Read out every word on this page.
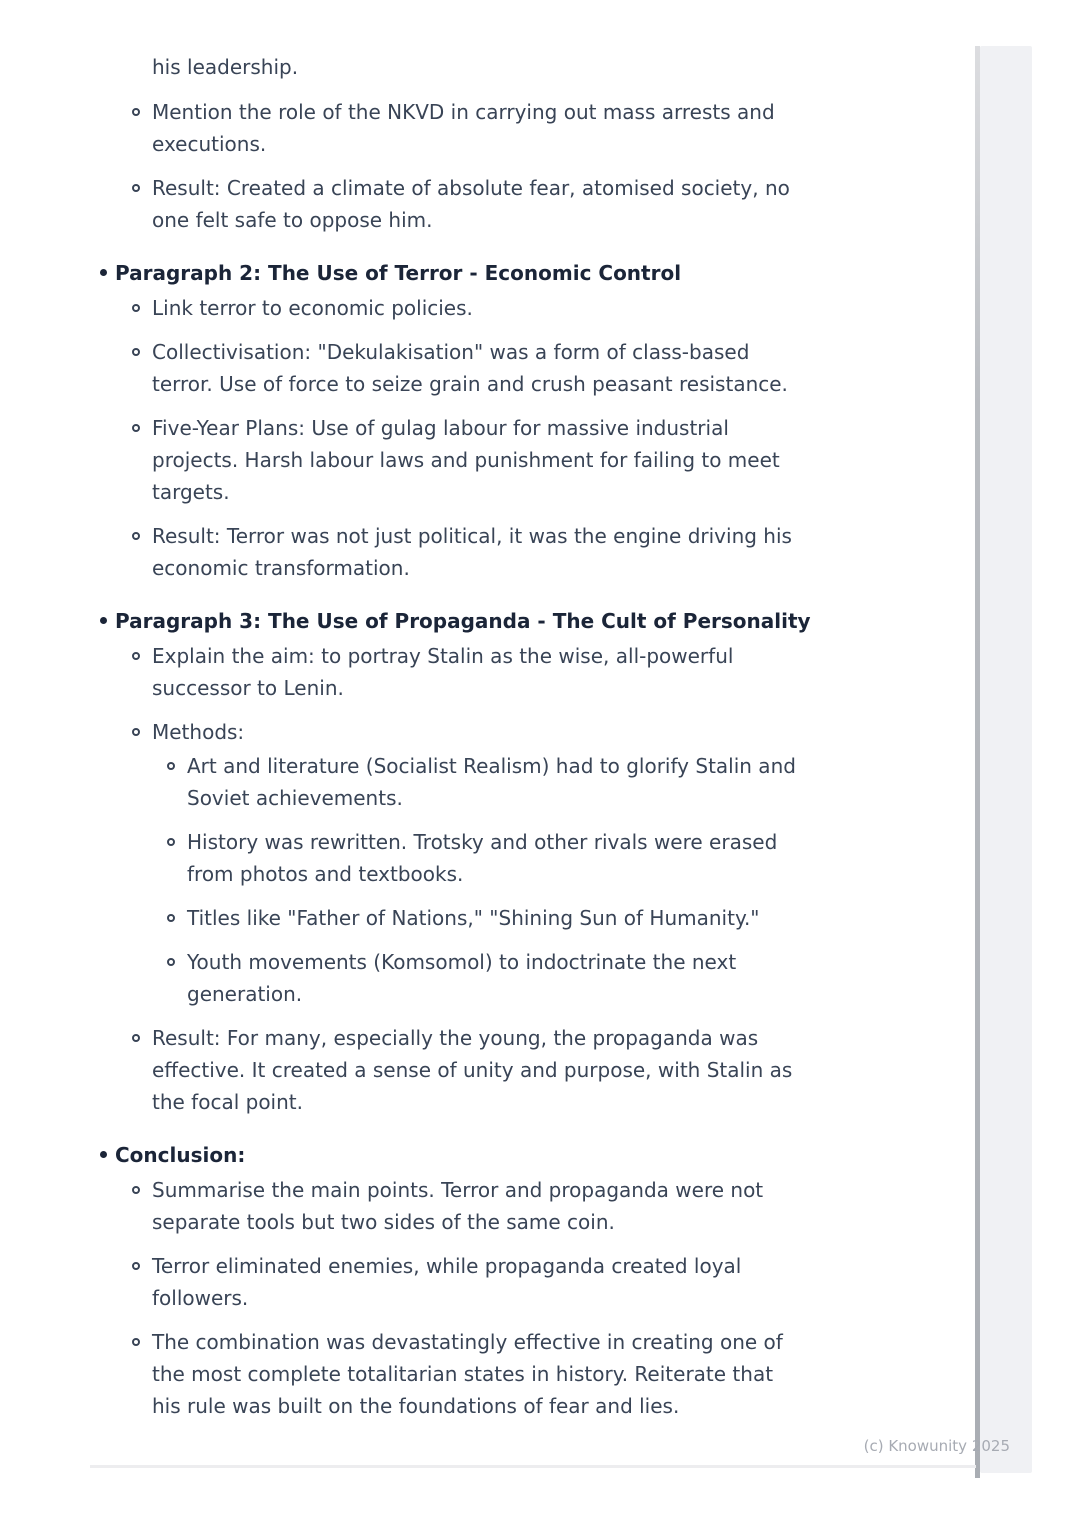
his leadership.

Mention the role of the NKVD in carrying out mass arrests and executions.
Result: Created a climate of absolute fear, atomised society, no one felt safe to oppose him.
Paragraph 2: The Use of Terror - Economic Control
Link terror to economic policies.
Collectivisation: "Dekulakisation" was a form of class-based terror. Use of force to seize grain and crush peasant resistance.
Five-Year Plans: Use of gulag labour for massive industrial projects. Harsh labour laws and punishment for failing to meet targets.
Result: Terror was not just political, it was the engine driving his economic transformation.
Paragraph 3: The Use of Propaganda - The Cult of Personality
Explain the aim: to portray Stalin as the wise, all-powerful successor to Lenin.
Methods:
Art and literature (Socialist Realism) had to glorify Stalin and Soviet achievements.
History was rewritten. Trotsky and other rivals were erased from photos and textbooks.
Titles like "Father of Nations," "Shining Sun of Humanity."
Youth movements (Komsomol) to indoctrinate the next generation.
Result: For many, especially the young, the propaganda was effective. It created a sense of unity and purpose, with Stalin as the focal point.
Conclusion:
Summarise the main points. Terror and propaganda were not separate tools but two sides of the same coin.
Terror eliminated enemies, while propaganda created loyal followers.
The combination was devastatingly effective in creating one of the most complete totalitarian states in history. Reiterate that his rule was built on the foundations of fear and lies.
(c) Knowunity 2025
